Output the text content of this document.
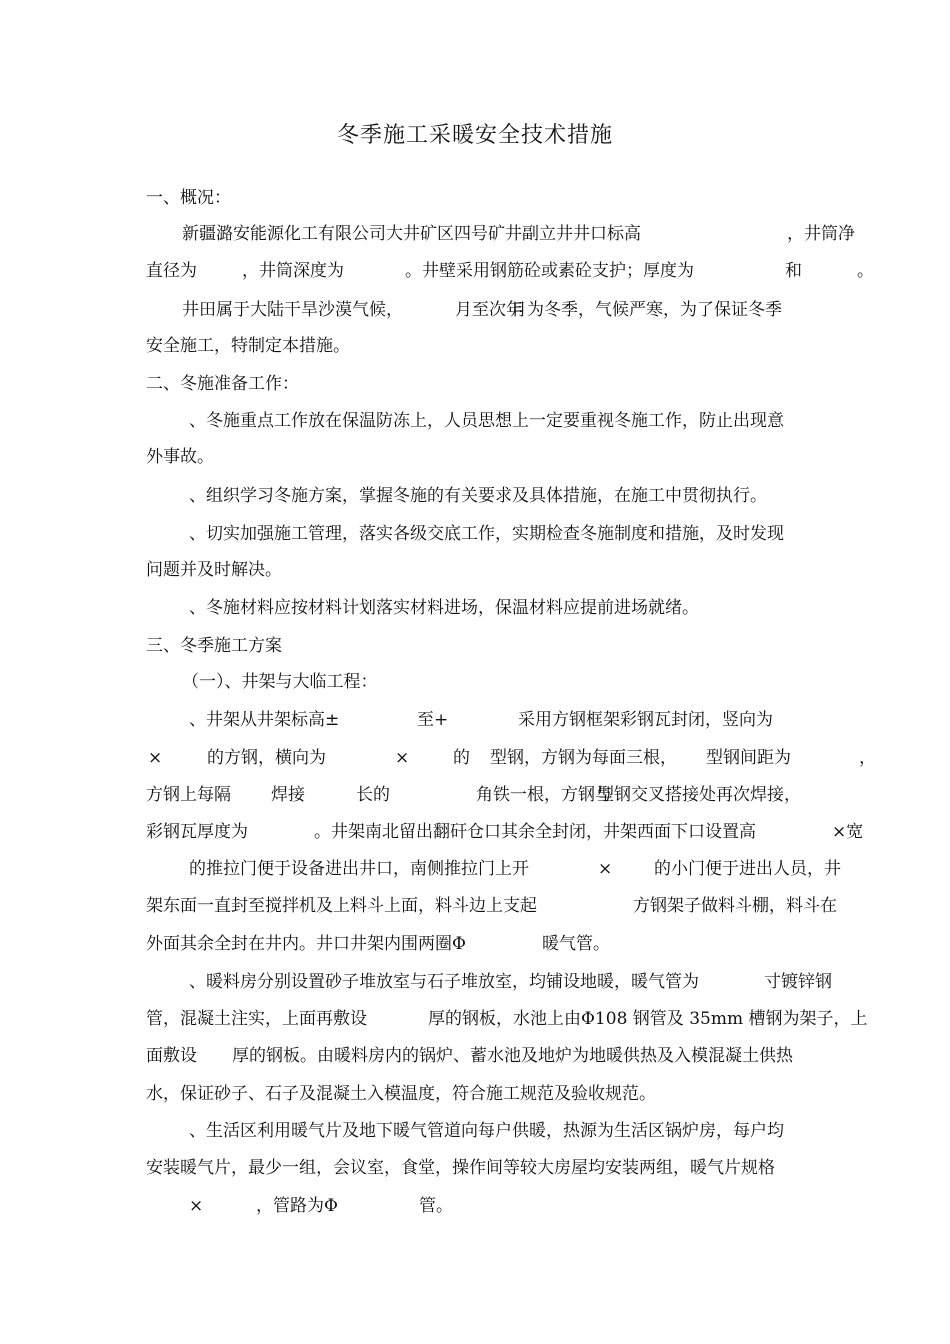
冬季施工采暖安全技术措施
一、概况：
新疆潞安能源化工有限公司大井矿区四号矿井副立井井口标高	，井筒净
直径为	，井筒深度为	。井壁采用钢筋砼或素砼支护；厚度为	和	。
井田属于大陆干旱沙漠气候，	月至次年
月为冬季，气候严寒，为了保证冬季
安全施工，特制定本措施。
二、冬施准备工作：
、冬施重点工作放在保温防冻上，人员思想上一定要重视冬施工作，防止出现意
外事故。
、组织学习冬施方案，掌握冬施的有关要求及具体措施，在施工中贯彻执行。
、切实加强施工管理，落实各级交底工作，实期检查冬施制度和措施，及时发现
问题并及时解决。
、冬施材料应按材料计划落实材料进场，保温材料应提前进场就绪。
三、冬季施工方案
（一）、井架与大临工程：
、井架从井架标高±	至+	采用方钢框架彩钢瓦封闭，竖向为
×	的方钢，横向为	×	的 型钢，方钢为每面三根， 型钢间距为	，
方钢上每隔 焊接	长的	角铁一根，方钢与
型钢交叉搭接处再次焊接，
彩钢瓦厚度为	。井架南北留出翻矸仓口其余全封闭，井架西面下口设置高	×宽
的推拉门便于设备进出井口，南侧推拉门上开	× 的小门便于进出人员，井
架东面一直封至搅拌机及上料斗上面，料斗边上支起	方钢架子做料斗棚，料斗在
外面其余全封在井内。井口井架内围两圈Φ	暖气管。
、暖料房分别设置砂子堆放室与石子堆放室，均铺设地暖，暖气管为	寸镀锌钢
管，混凝土注实，上面再敷设	厚的钢板，水池上由Φ108 钢管及 35mm 槽钢为架子，上
面敷设 厚的钢板。由暖料房内的锅炉、蓄水池及地炉为地暖供热及入模混凝土供热
水，保证砂子、石子及混凝土入模温度，符合施工规范及验收规范。
、生活区利用暖气片及地下暖气管道向每户供暖，热源为生活区锅炉房，每户均
安装暖气片，最少一组，会议室，食堂，操作间等较大房屋均安装两组，暖气片规格
×	，管路为Φ	管。
